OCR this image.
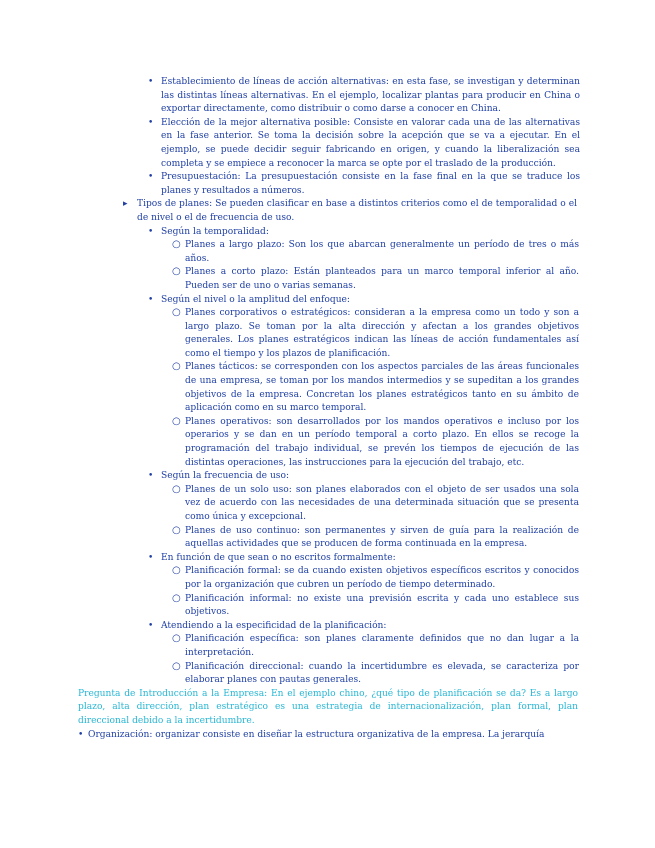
• Establecimiento de líneas de acción alternativas: en esta fase, se investigan y determinan las distintas líneas alternativas. En el ejemplo, localizar plantas para producir en China o exportar directamente, como distribuir o como darse a conocer en China.
• Elección de la mejor alternativa posible: Consiste en valorar cada una de las alternativas en la fase anterior. Se toma la decisión sobre la acepción que se va a ejecutar. En el ejemplo, se puede decidir seguir fabricando en origen, y cuando la liberalización sea completa y se empiece a reconocer la marca se opte por el traslado de la producción.
• Presupuestación: La presupuestación consiste en la fase final en la que se traduce los planes y resultados a números.
▸ Tipos de planes: Se pueden clasificar en base a distintos criterios como el de temporalidad o el de nivel o el de frecuencia de uso.
• Según la temporalidad:
○ Planes a largo plazo: Son los que abarcan generalmente un período de tres o más años.
○ Planes a corto plazo: Están planteados para un marco temporal inferior al año. Pueden ser de uno o varias semanas.
• Según el nivel o la amplitud del enfoque:
○ Planes corporativos o estratégicos: consideran a la empresa como un todo y son a largo plazo. Se toman por la alta dirección y afectan a los grandes objetivos generales. Los planes estratégicos indican las líneas de acción fundamentales así como el tiempo y los plazos de planificación.
○ Planes tácticos: se corresponden con los aspectos parciales de las áreas funcionales de una empresa, se toman por los mandos intermedios y se supeditan a los grandes objetivos de la empresa. Concretan los planes estratégicos tanto en su ámbito de aplicación como en su marco temporal.
○ Planes operativos: son desarrollados por los mandos operativos e incluso por los operarios y se dan en un período temporal a corto plazo. En ellos se recoge la programación del trabajo individual, se prevén los tiempos de ejecución de las distintas operaciones, las instrucciones para la ejecución del trabajo, etc.
• Según la frecuencia de uso:
○ Planes de un solo uso: son planes elaborados con el objeto de ser usados una sola vez de acuerdo con las necesidades de una determinada situación que se presenta como única y excepcional.
○ Planes de uso continuo: son permanentes y sirven de guía para la realización de aquellas actividades que se producen de forma continuada en la empresa.
• En función de que sean o no escritos formalmente:
○ Planificación formal: se da cuando existen objetivos específicos escritos y conocidos por la organización que cubren un período de tiempo determinado.
○ Planificación informal: no existe una previsión escrita y cada uno establece sus objetivos.
• Atendiendo a la especificidad de la planificación:
○ Planificación específica: son planes claramente definidos que no dan lugar a la interpretación.
○ Planificación direccional: cuando la incertidumbre es elevada, se caracteriza por elaborar planes con pautas generales.
Pregunta de Introducción a la Empresa: En el ejemplo chino, ¿qué tipo de planificación se da? Es a largo plazo, alta dirección, plan estratégico es una estrategia de internacionalización, plan formal, plan direccional debido a la incertidumbre.
• Organización: organizar consiste en diseñar la estructura organizativa de la empresa. La jerarquía
